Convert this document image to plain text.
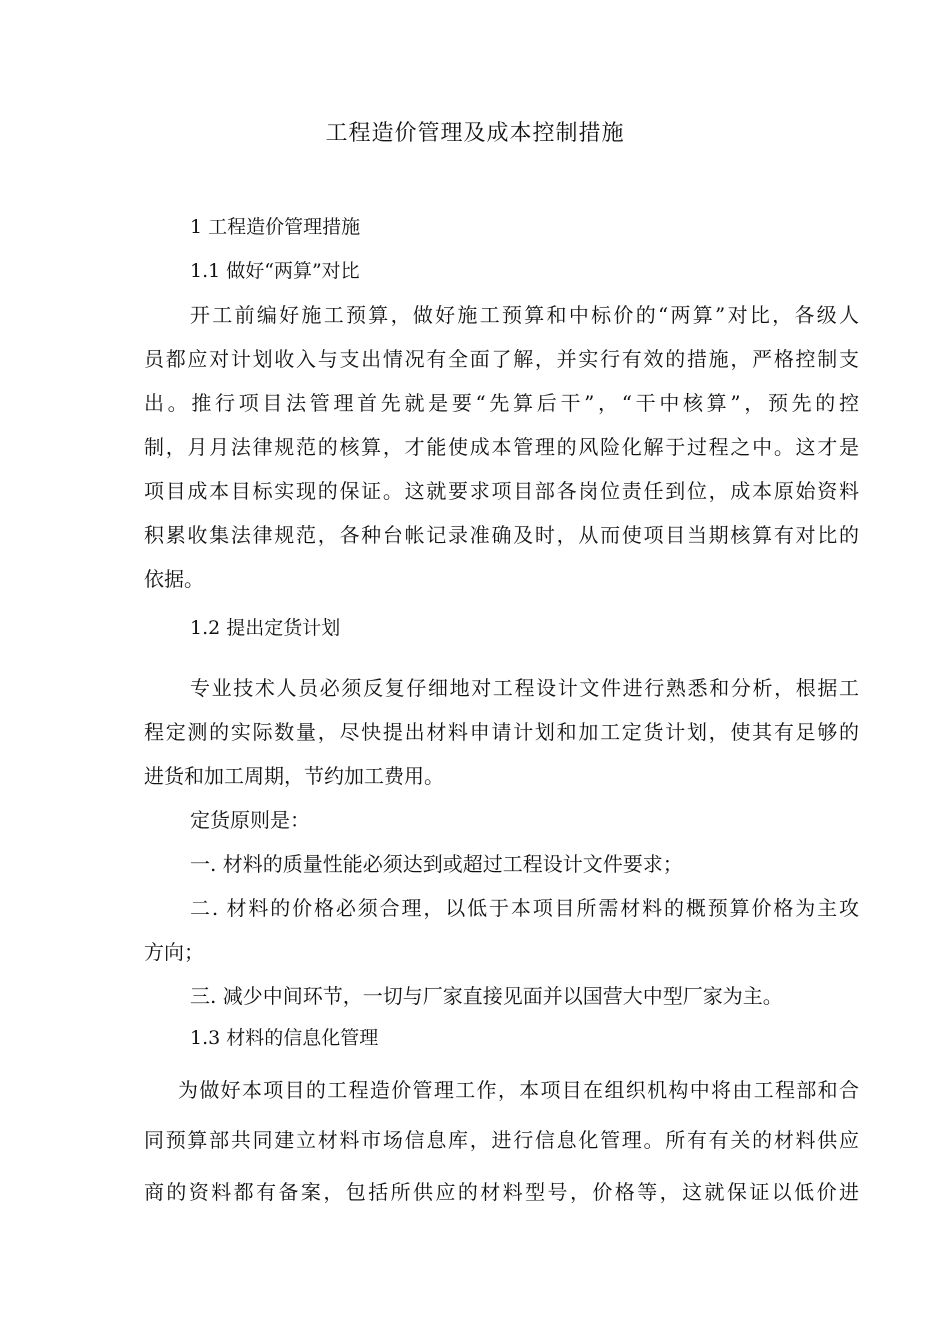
工程造价管理及成本控制措施
1 工程造价管理措施
1.1 做好“两算”对比
开工前编好施工预算，做好施工预算和中标价的“两算”对比，各级人
员都应对计划收入与支出情况有全面了解，并实行有效的措施，严格控制支
出。推行项目法管理首先就是要“先算后干”，“干中核算”，预先的控
制，月月法律规范的核算，才能使成本管理的风险化解于过程之中。这才是
项目成本目标实现的保证。这就要求项目部各岗位责任到位，成本原始资料
积累收集法律规范，各种台帐记录准确及时，从而使项目当期核算有对比的
依据。
1.2 提出定货计划
专业技术人员必须反复仔细地对工程设计文件进行熟悉和分析，根据工
程定测的实际数量，尽快提出材料申请计划和加工定货计划，使其有足够的
进货和加工周期，节约加工费用。
定货原则是：
一. 材料的质量性能必须达到或超过工程设计文件要求；
二. 材料的价格必须合理，以低于本项目所需材料的概预算价格为主攻
方向；
三. 减少中间环节，一切与厂家直接见面并以国营大中型厂家为主。
1.3 材料的信息化管理
为做好本项目的工程造价管理工作，本项目在组织机构中将由工程部和合
同预算部共同建立材料市场信息库，进行信息化管理。所有有关的材料供应
商的资料都有备案，包括所供应的材料型号，价格等，这就保证以低价进
